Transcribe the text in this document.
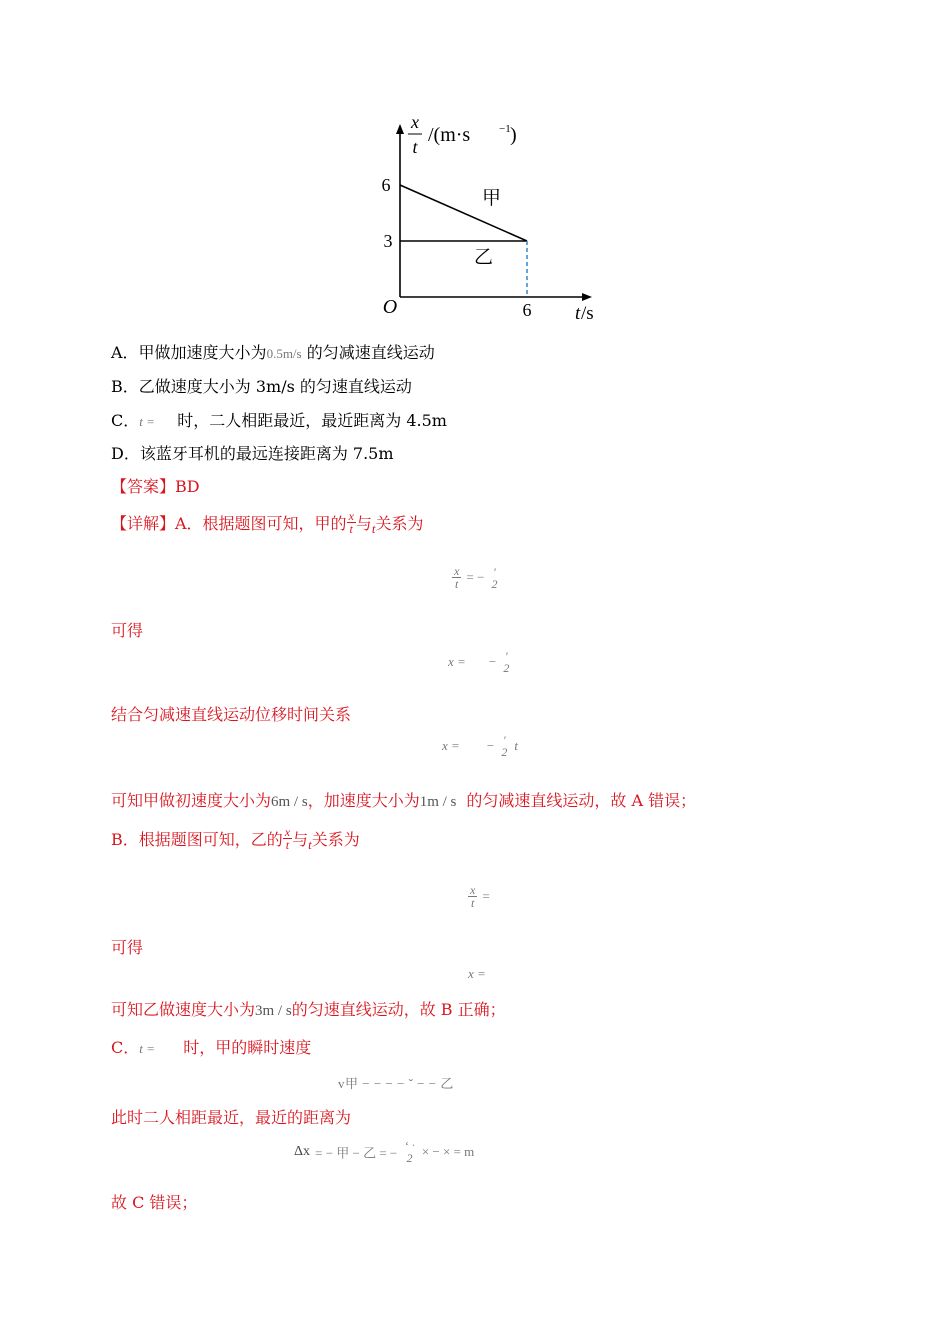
x
t
/(m·s	−1 )
6
3
6
O	t /s
甲
乙
A．甲做加速度大小为0.5m/s 的匀减速直线运动
B．乙做速度大小为 3m/s 的匀速直线运动
C．t = 时，二人相距最近，最近距离为 4.5m
D．该蓝牙耳机的最远连接距离为 7.5m
【答案】BD
【详解】A．根据题图可知，甲的 $\frac{x}{t}$ 与$_t$关系为
$\frac{x}{t}$ = − '
2
可得
x = − '
2
结合匀减速直线运动位移时间关系
x = − '
2 t
可知甲做初速度大小为6m / s，加速度大小为1m / s 的匀减速直线运动，故 A 错误；
B．根据题图可知，乙的 $\frac{x}{t}$ 与$_t$关系为
$\frac{x}{t}$ =
可得
x =
可知乙做速度大小为3m / s的匀速直线运动，故 B 正确；
C．t = 时，甲的瞬时速度
v甲 − − − − ˇ − − 乙
此时二人相距最近，最近的距离为
Δx = − 甲 − 乙 = − ʻ ˑ
2 × − × = m
故 C 错误；
